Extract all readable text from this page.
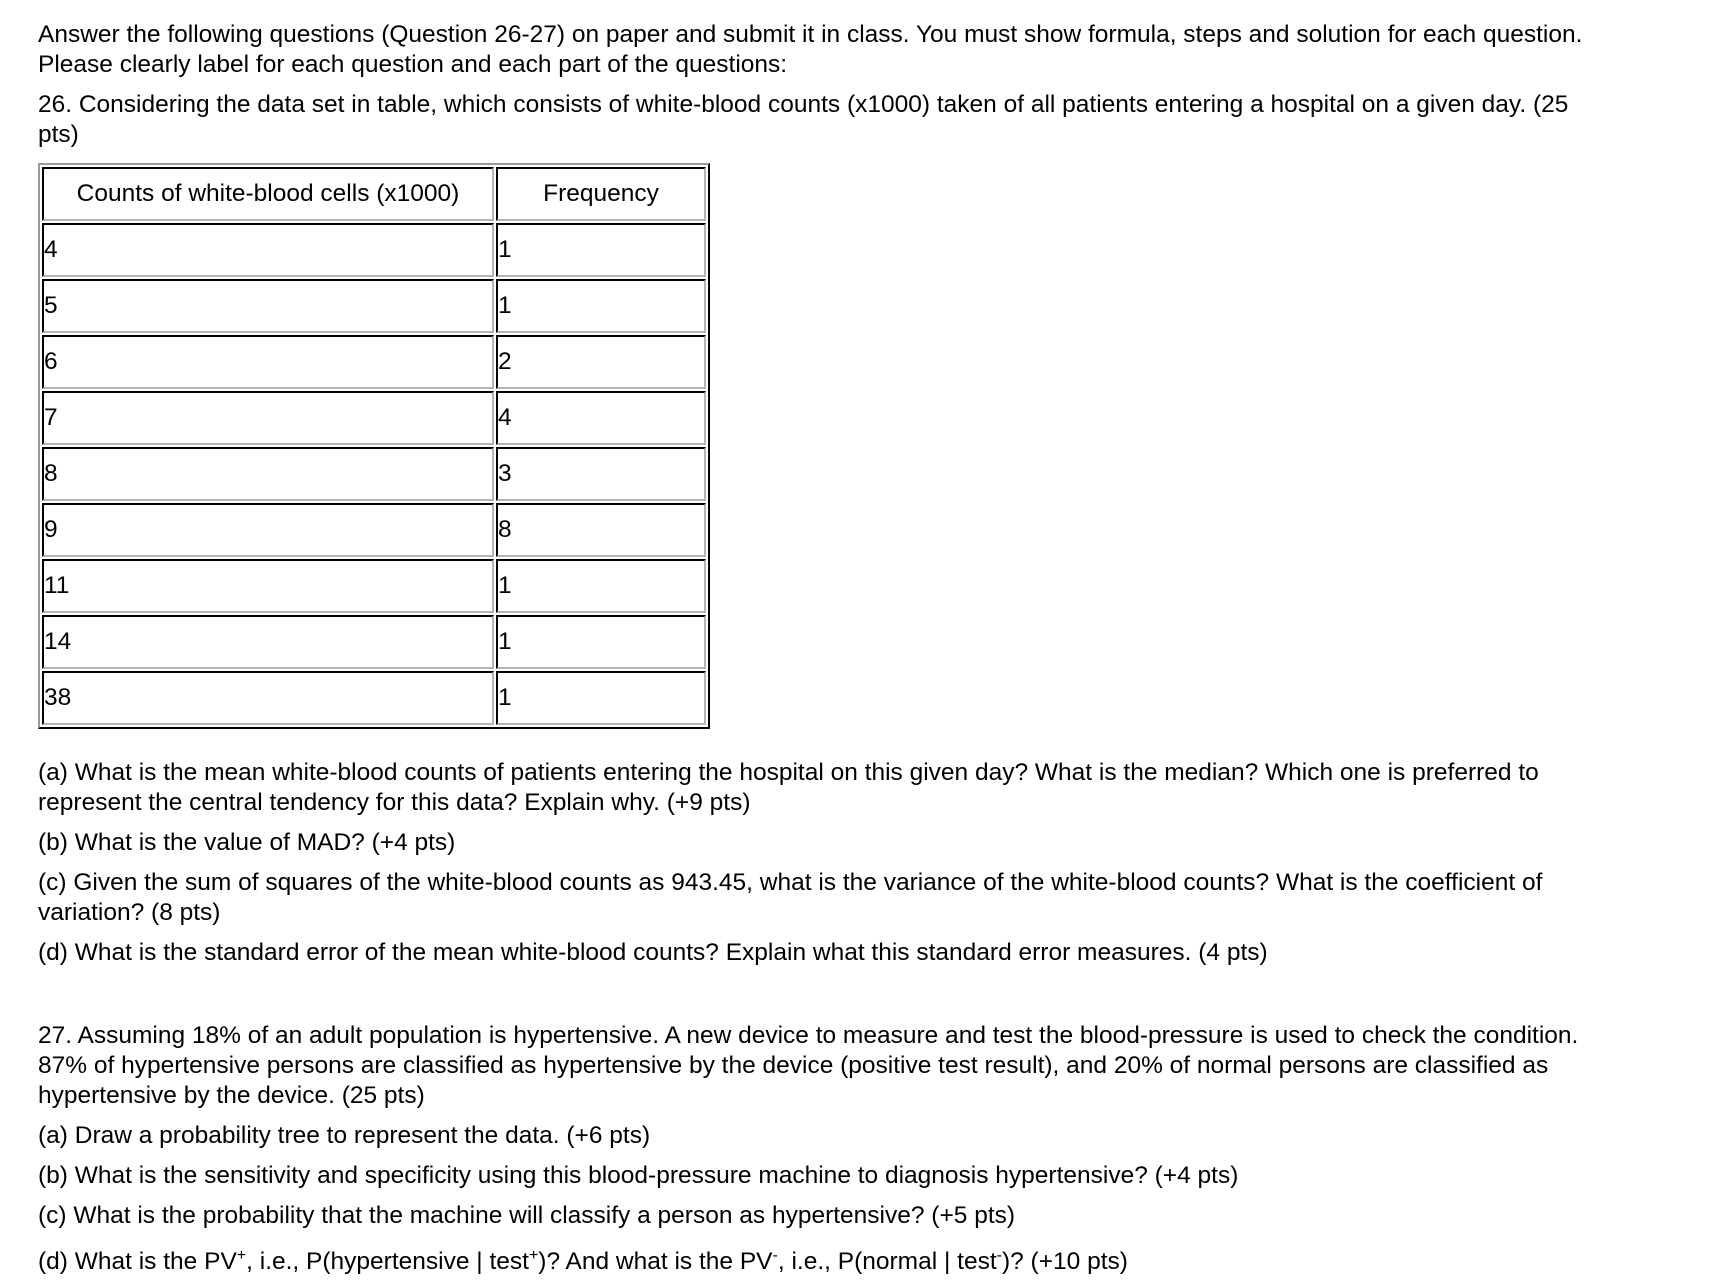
Answer the following questions (Question 26-27) on paper and submit it in class. You must show formula, steps and solution for each question.
Please clearly label for each question and each part of the questions:

26. Considering the data set in table, which consists of white-blood counts (x1000) taken of all patients entering a hospital on a given day. (25
pts)

Counts of white-blood cells (x1000)	Frequency
4	1
5	1
6	2
7	4
8	3
9	8
11	1
14	1
38	1

(a) What is the mean white-blood counts of patients entering the hospital on this given day? What is the median? Which one is preferred to
represent the central tendency for this data? Explain why. (+9 pts)

(b) What is the value of MAD? (+4 pts)

(c) Given the sum of squares of the white-blood counts as 943.45, what is the variance of the white-blood counts? What is the coefficient of
variation? (8 pts)

(d) What is the standard error of the mean white-blood counts? Explain what this standard error measures. (4 pts)

27. Assuming 18% of an adult population is hypertensive. A new device to measure and test the blood-pressure is used to check the condition.
87% of hypertensive persons are classified as hypertensive by the device (positive test result), and 20% of normal persons are classified as
hypertensive by the device. (25 pts)

(a) Draw a probability tree to represent the data. (+6 pts)

(b) What is the sensitivity and specificity using this blood-pressure machine to diagnosis hypertensive? (+4 pts)

(c) What is the probability that the machine will classify a person as hypertensive? (+5 pts)

(d) What is the PV+, i.e., P(hypertensive | test+)? And what is the PV-, i.e., P(normal | test-)? (+10 pts)
